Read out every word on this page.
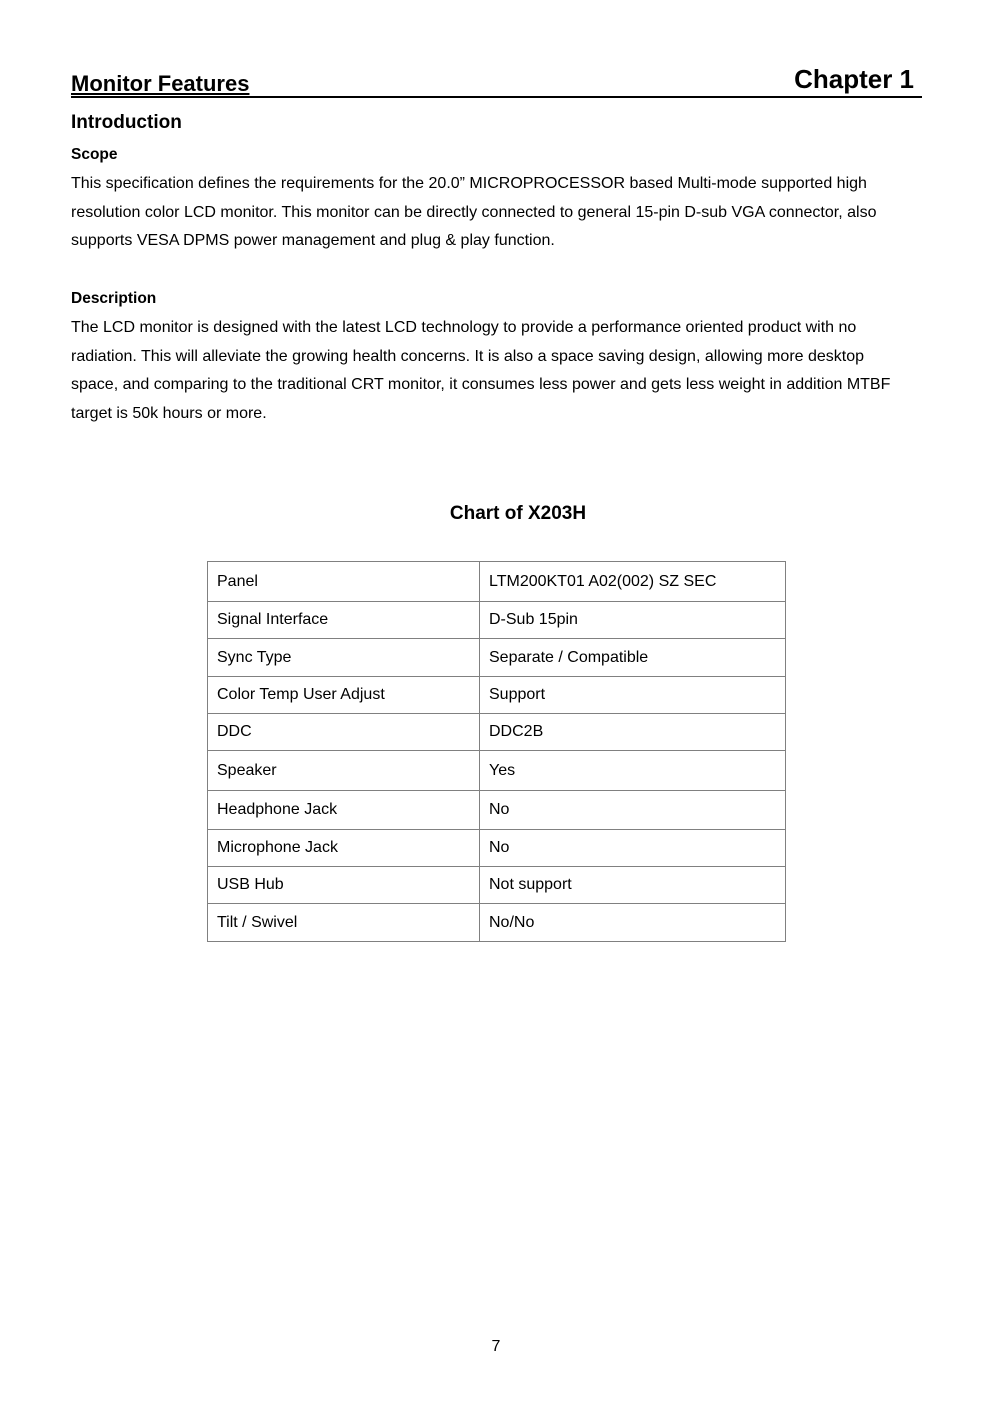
Monitor Features	Chapter 1
Introduction
Scope
This specification defines the requirements for the 20.0” MICROPROCESSOR based Multi-mode supported high
resolution color LCD monitor. This monitor can be directly connected to general 15-pin D-sub VGA connector, also
supports VESA DPMS power management and plug & play function.
Description
The LCD monitor is designed with the latest LCD technology to provide a performance oriented product with no
radiation. This will alleviate the growing health concerns. It is also a space saving design, allowing more desktop
space, and comparing to the traditional CRT monitor, it consumes less power and gets less weight in addition MTBF
target is 50k hours or more.
Chart of X203H
Panel	LTM200KT01 A02(002) SZ SEC
Signal Interface	D-Sub 15pin
Sync Type	Separate / Compatible
Color Temp User Adjust	Support
DDC	DDC2B
Speaker	Yes
Headphone Jack	No
Microphone Jack	No
USB Hub	Not support
Tilt / Swivel	No/No
7
